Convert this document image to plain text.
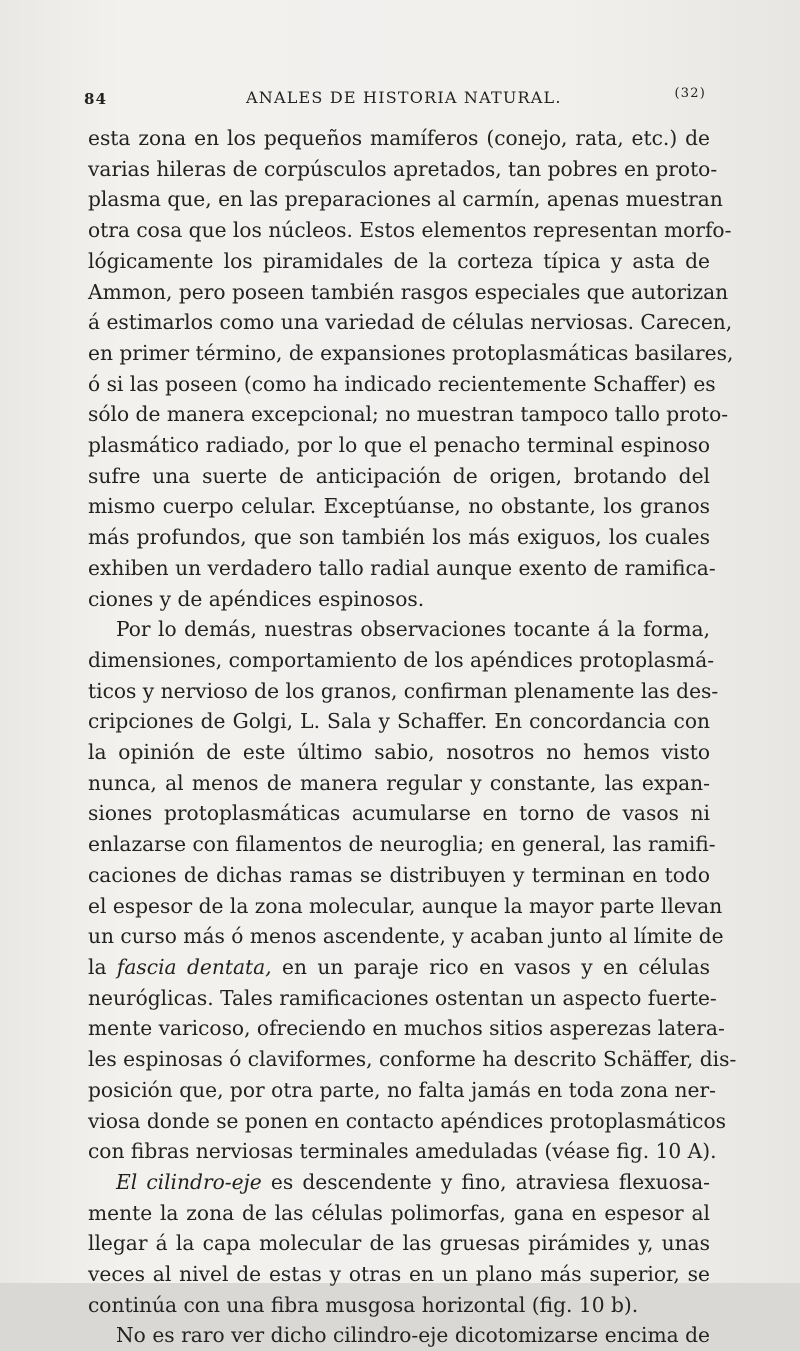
84	ANALES DE HISTORIA NATURAL.	(32)
esta zona en los pequeños mamíferos (conejo, rata, etc.) de
varias hileras de corpúsculos apretados, tan pobres en proto-
plasma que, en las preparaciones al carmín, apenas muestran
otra cosa que los núcleos. Estos elementos representan morfo-
lógicamente los piramidales de la corteza típica y asta de
Ammon, pero poseen también rasgos especiales que autorizan
á estimarlos como una variedad de células nerviosas. Carecen,
en primer término, de expansiones protoplasmáticas basilares,
ó si las poseen (como ha indicado recientemente Schaffer) es
sólo de manera excepcional; no muestran tampoco tallo proto-
plasmático radiado, por lo que el penacho terminal espinoso
sufre una suerte de anticipación de origen, brotando del
mismo cuerpo celular. Exceptúanse, no obstante, los granos
más profundos, que son también los más exiguos, los cuales
exhiben un verdadero tallo radial aunque exento de ramifica-
ciones y de apéndices espinosos.
Por lo demás, nuestras observaciones tocante á la forma,
dimensiones, comportamiento de los apéndices protoplasmá-
ticos y nervioso de los granos, confirman plenamente las des-
cripciones de Golgi, L. Sala y Schaffer. En concordancia con
la opinión de este último sabio, nosotros no hemos visto
nunca, al menos de manera regular y constante, las expan-
siones protoplasmáticas acumularse en torno de vasos ni
enlazarse con filamentos de neuroglia; en general, las ramifi-
caciones de dichas ramas se distribuyen y terminan en todo
el espesor de la zona molecular, aunque la mayor parte llevan
un curso más ó menos ascendente, y acaban junto al límite de
la fascia dentata, en un paraje rico en vasos y en células
neuróglicas. Tales ramificaciones ostentan un aspecto fuerte-
mente varicoso, ofreciendo en muchos sitios asperezas latera-
les espinosas ó claviformes, conforme ha descrito Schäffer, dis-
posición que, por otra parte, no falta jamás en toda zona ner-
viosa donde se ponen en contacto apéndices protoplasmáticos
con fibras nerviosas terminales ameduladas (véase fig. 10 A).
El cilindro-eje es descendente y fino, atraviesa flexuosa-
mente la zona de las células polimorfas, gana en espesor al
llegar á la capa molecular de las gruesas pirámides y, unas
veces al nivel de estas y otras en un plano más superior, se
continúa con una fibra musgosa horizontal (fig. 10 b).
No es raro ver dicho cilindro-eje dicotomizarse encima de
